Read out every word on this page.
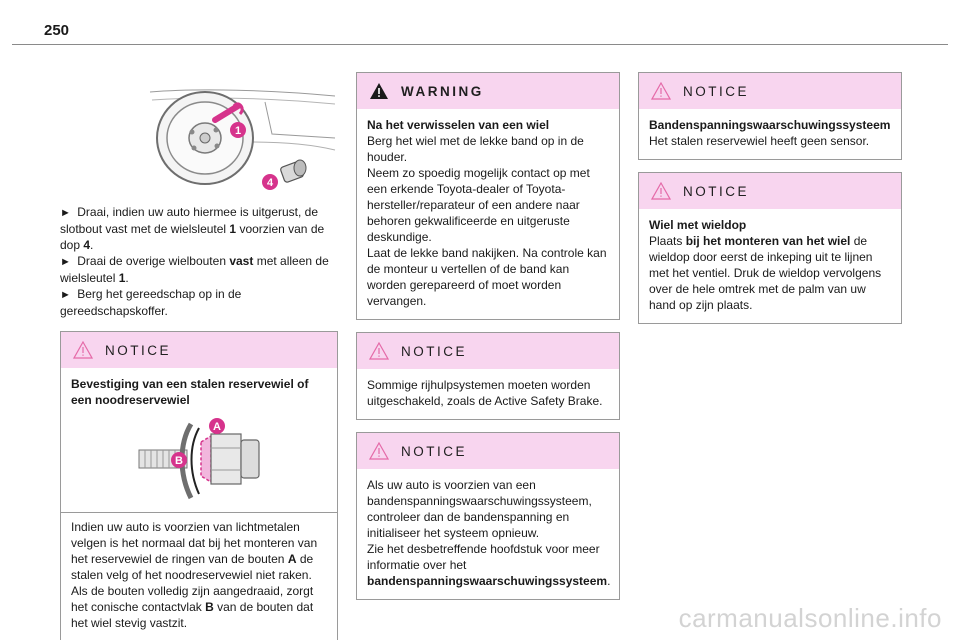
250
1
4

► Draai, indien uw auto hiermee is uitgerust, de slotbout vast met de wielsleutel 1 voorzien van de dop 4.

► Draai de overige wielbouten vast met alleen de wielsleutel 1.

► Berg het gereedschap op in de gereedschapskoffer.

NOTICE

Bevestiging van een stalen reservewiel of een noodreservewiel

A
B

Indien uw auto is voorzien van lichtmetalen velgen is het normaal dat bij het monteren van het reservewiel de ringen van de bouten A de stalen velg of het noodreservewiel niet raken. Als de bouten volledig zijn aangedraaid, zorgt het conische contactvlak B van de bouten dat het wiel stevig vastzit.

WARNING

Na het verwisselen van een wiel

Berg het wiel met de lekke band op in de houder.
Neem zo spoedig mogelijk contact op met een erkende Toyota-dealer of Toyota-hersteller/reparateur of een andere naar behoren gekwalificeerde en uitgeruste deskundige.
Laat de lekke band nakijken. Na controle kan de monteur u vertellen of de band kan worden gerepareerd of moet worden vervangen.

NOTICE

Sommige rijhulpsystemen moeten worden uitgeschakeld, zoals de Active Safety Brake.

NOTICE

Als uw auto is voorzien van een bandenspanningswaarschuwingssysteem, controleer dan de bandenspanning en initialiseer het systeem opnieuw.
Zie het desbetreffende hoofdstuk voor meer informatie over het bandenspanningswaarschuwingssysteem.

NOTICE

Bandenspanningswaarschuwingssysteem

Het stalen reservewiel heeft geen sensor.

NOTICE

Wiel met wieldop

Plaats bij het monteren van het wiel de wieldop door eerst de inkeping uit te lijnen met het ventiel. Druk de wieldop vervolgens over de hele omtrek met de palm van uw hand op zijn plaats.

carmanualsonline.info
